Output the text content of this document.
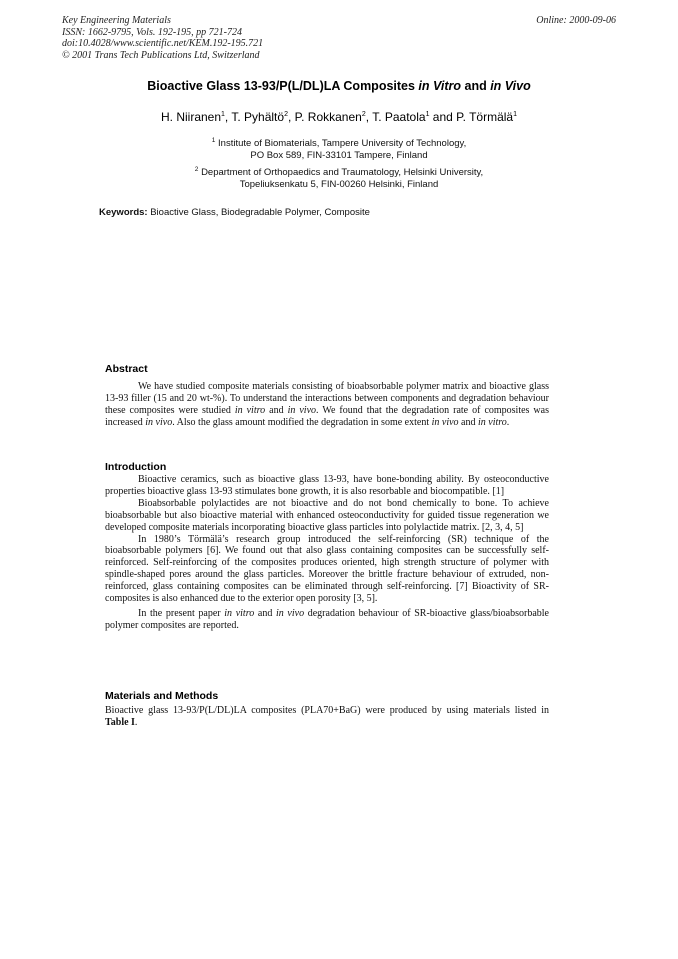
Key Engineering Materials
ISSN: 1662-9795, Vols. 192-195, pp 721-724
doi:10.4028/www.scientific.net/KEM.192-195.721
© 2001 Trans Tech Publications Ltd, Switzerland
Online: 2000-09-06
Bioactive Glass 13-93/P(L/DL)LA Composites in Vitro and in Vivo
H. Niiranen$^1$, T. Pyhältö$^2$, P. Rokkanen$^2$, T. Paatola$^1$ and P. Törmälä$^1$
$^1$ Institute of Biomaterials, Tampere University of Technology,
PO Box 589, FIN-33101 Tampere, Finland
$^2$ Department of Orthopaedics and Traumatology, Helsinki University,
Topeliuksenkatu 5, FIN-00260 Helsinki, Finland
Keywords: Bioactive Glass, Biodegradable Polymer, Composite
Abstract

We have studied composite materials consisting of bioabsorbable polymer matrix and bioactive glass 13-93 filler (15 and 20 wt-%). To understand the interactions between components and degradation behaviour these composites were studied in vitro and in vivo. We found that the degradation rate of composites was increased in vivo. Also the glass amount modified the degradation in some extent in vivo and in vitro.

Introduction

Bioactive ceramics, such as bioactive glass 13-93, have bone-bonding ability. By osteoconductive properties bioactive glass 13-93 stimulates bone growth, it is also resorbable and biocompatible. [1]

Bioabsorbable polylactides are not bioactive and do not bond chemically to bone. To achieve bioabsorbable but also bioactive material with enhanced osteoconductivity for guided tissue regeneration we developed composite materials incorporating bioactive glass particles into polylactide matrix. [2, 3, 4, 5]

In 1980’s Törmälä’s research group introduced the self-reinforcing (SR) technique of the bioabsorbable polymers [6]. We found out that also glass containing composites can be successfully self-reinforced. Self-reinforcing of the composites produces oriented, high strength structure of polymer with spindle-shaped pores around the glass particles. Moreover the brittle fracture behaviour of extruded, non-reinforced, glass containing composites can be eliminated through self-reinforcing. [7] Bioactivity of SR-composites is also enhanced due to the exterior open porosity [3, 5].

In the present paper in vitro and in vivo degradation behaviour of SR-bioactive glass/bioabsorbable polymer composites are reported.

Materials and Methods

Bioactive glass 13-93/P(L/DL)LA composites (PLA70+BaG) were produced by using materials listed in Table I.
